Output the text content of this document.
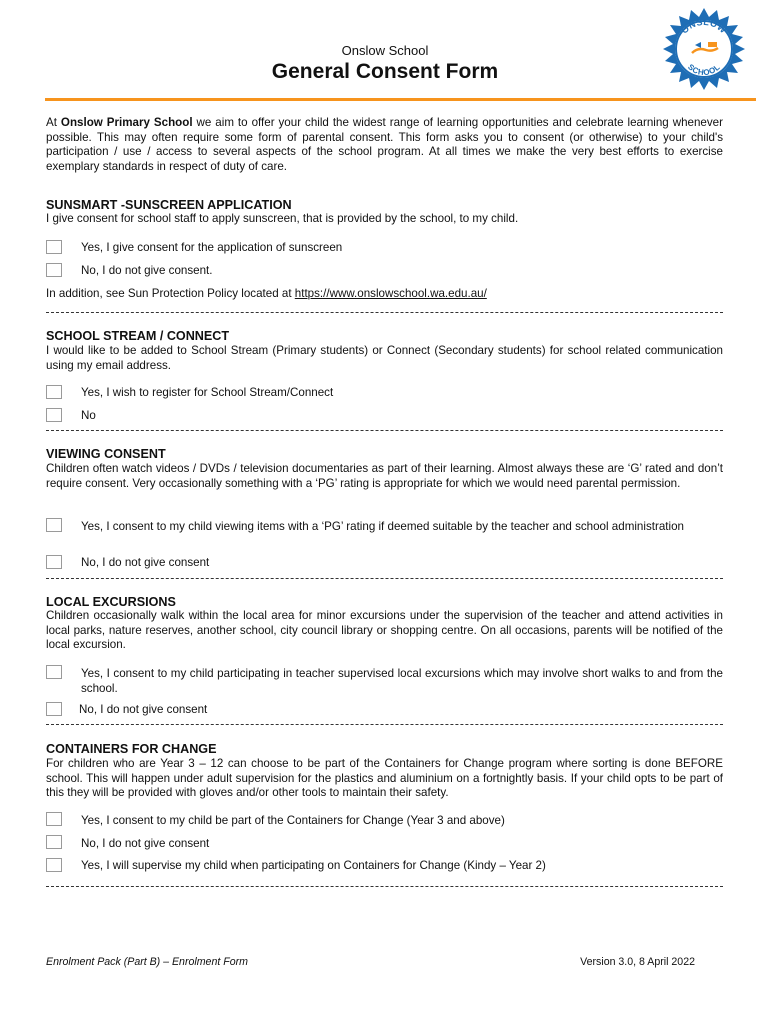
Onslow School
General Consent Form
ONSLOW
SCHOOL
At Onslow Primary School we aim to offer your child the widest range of learning opportunities and celebrate learning whenever possible. This may often require some form of parental consent. This form asks you to consent (or otherwise) to your child's participation / use / access to several aspects of the school program. At all times we make the very best efforts to exercise exemplary standards in respect of duty of care.
SUNSMART -SUNSCREEN APPLICATION
I give consent for school staff to apply sunscreen, that is provided by the school, to my child.
Yes, I give consent for the application of sunscreen
No, I do not give consent.
In addition, see Sun Protection Policy located at https://www.onslowschool.wa.edu.au/
SCHOOL STREAM / CONNECT
I would like to be added to School Stream (Primary students) or Connect (Secondary students) for school related communication using my email address.
Yes, I wish to register for School Stream/Connect
No
VIEWING CONSENT
Children often watch videos / DVDs / television documentaries as part of their learning. Almost always these are ‘G’ rated and don’t require consent. Very occasionally something with a ‘PG’ rating is appropriate for which we would need parental permission.
Yes, I consent to my child viewing items with a ‘PG’ rating if deemed suitable by the teacher and school administration
No, I do not give consent
LOCAL EXCURSIONS
Children occasionally walk within the local area for minor excursions under the supervision of the teacher and attend activities in local parks, nature reserves, another school, city council library or shopping centre. On all occasions, parents will be notified of the local excursion.
Yes, I consent to my child participating in teacher supervised local excursions which may involve short walks to and from the school.
No, I do not give consent
CONTAINERS FOR CHANGE
For children who are Year 3 – 12 can choose to be part of the Containers for Change program where sorting is done BEFORE school. This will happen under adult supervision for the plastics and aluminium on a fortnightly basis. If your child opts to be part of this they will be provided with gloves and/or other tools to maintain their safety.
Yes, I consent to my child be part of the Containers for Change (Year 3 and above)
No, I do not give consent
Yes, I will supervise my child when participating on Containers for Change (Kindy – Year 2)
Enrolment Pack (Part B) – Enrolment Form	Version 3.0, 8 April 2022
